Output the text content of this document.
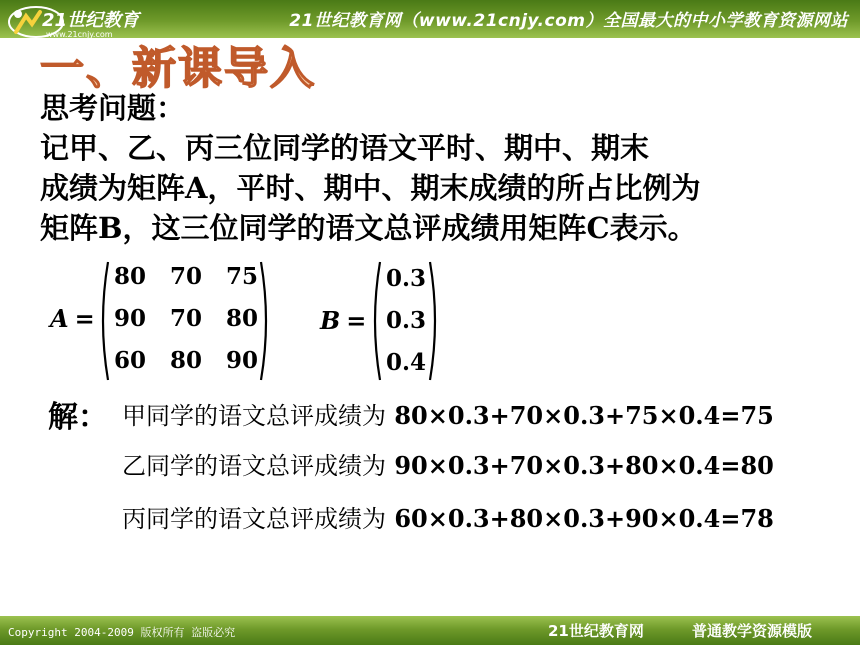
21世纪教育
www.21cnjy.com
21世纪教育网（www.21cnjy.com）全国最大的中小学教育资源网站
一、新课导入
思考问题：
记甲、乙、丙三位同学的语文平时、期中、期末
成绩为矩阵A，平时、期中、期末成绩的所占比例为
矩阵B，这三位同学的语文总评成绩用矩阵C表示。
A =
80 70 75
90 70 80
60 80 90
B =
0.3
0.3
0.4
解： 甲同学的语文总评成绩为 80×0.3+70×0.3+75×0.4=75
乙同学的语文总评成绩为 90×0.3+70×0.3+80×0.4=80
丙同学的语文总评成绩为 60×0.3+80×0.3+90×0.4=78
Copyright 2004-2009 版权所有 盗版必究	21世纪教育网	普通教学资源模版
